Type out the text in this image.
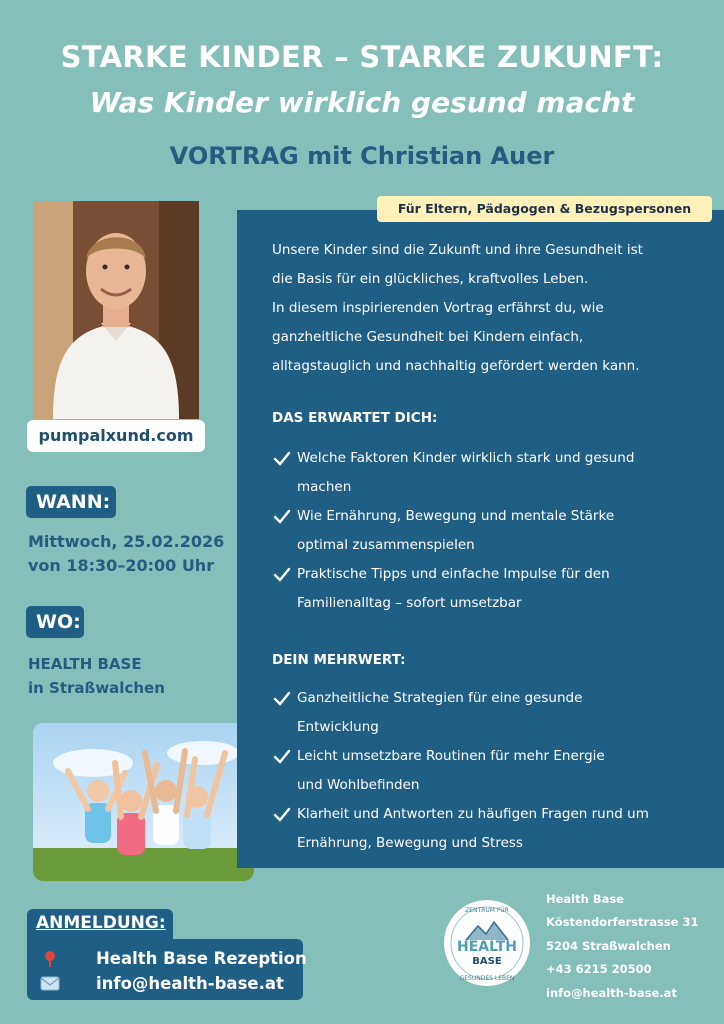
STARKE KINDER – STARKE ZUKUNFT:
Was Kinder wirklich gesund macht
VORTRAG mit Christian Auer
pumpalxund.com
WANN:
Mittwoch, 25.02.2026
von 18:30–20:00 Uhr
WO:
HEALTH BASE
in Straßwalchen
Für Eltern, Pädagogen & Bezugspersonen
Unsere Kinder sind die Zukunft und ihre Gesundheit ist
die Basis für ein glückliches, kraftvolles Leben.
In diesem inspirierenden Vortrag erfährst du, wie
ganzheitliche Gesundheit bei Kindern einfach,
alltagstauglich und nachhaltig gefördert werden kann.
DAS ERWARTET DICH:
Welche Faktoren Kinder wirklich stark und gesund
machen
Wie Ernährung, Bewegung und mentale Stärke
optimal zusammenspielen
Praktische Tipps und einfache Impulse für den
Familienalltag – sofort umsetzbar
DEIN MEHRWERT:
Ganzheitliche Strategien für eine gesunde
Entwicklung
Leicht umsetzbare Routinen für mehr Energie
und Wohlbefinden
Klarheit und Antworten zu häufigen Fragen rund um
Ernährung, Bewegung und Stress
ANMELDUNG:
Health Base Rezeption
info@health-base.at
HEALTH
BASE
ZENTRUM FÜR
GESUNDES LEBEN
Health Base
Köstendorferstrasse 31
5204 Straßwalchen
+43 6215 20500
info@health-base.at
